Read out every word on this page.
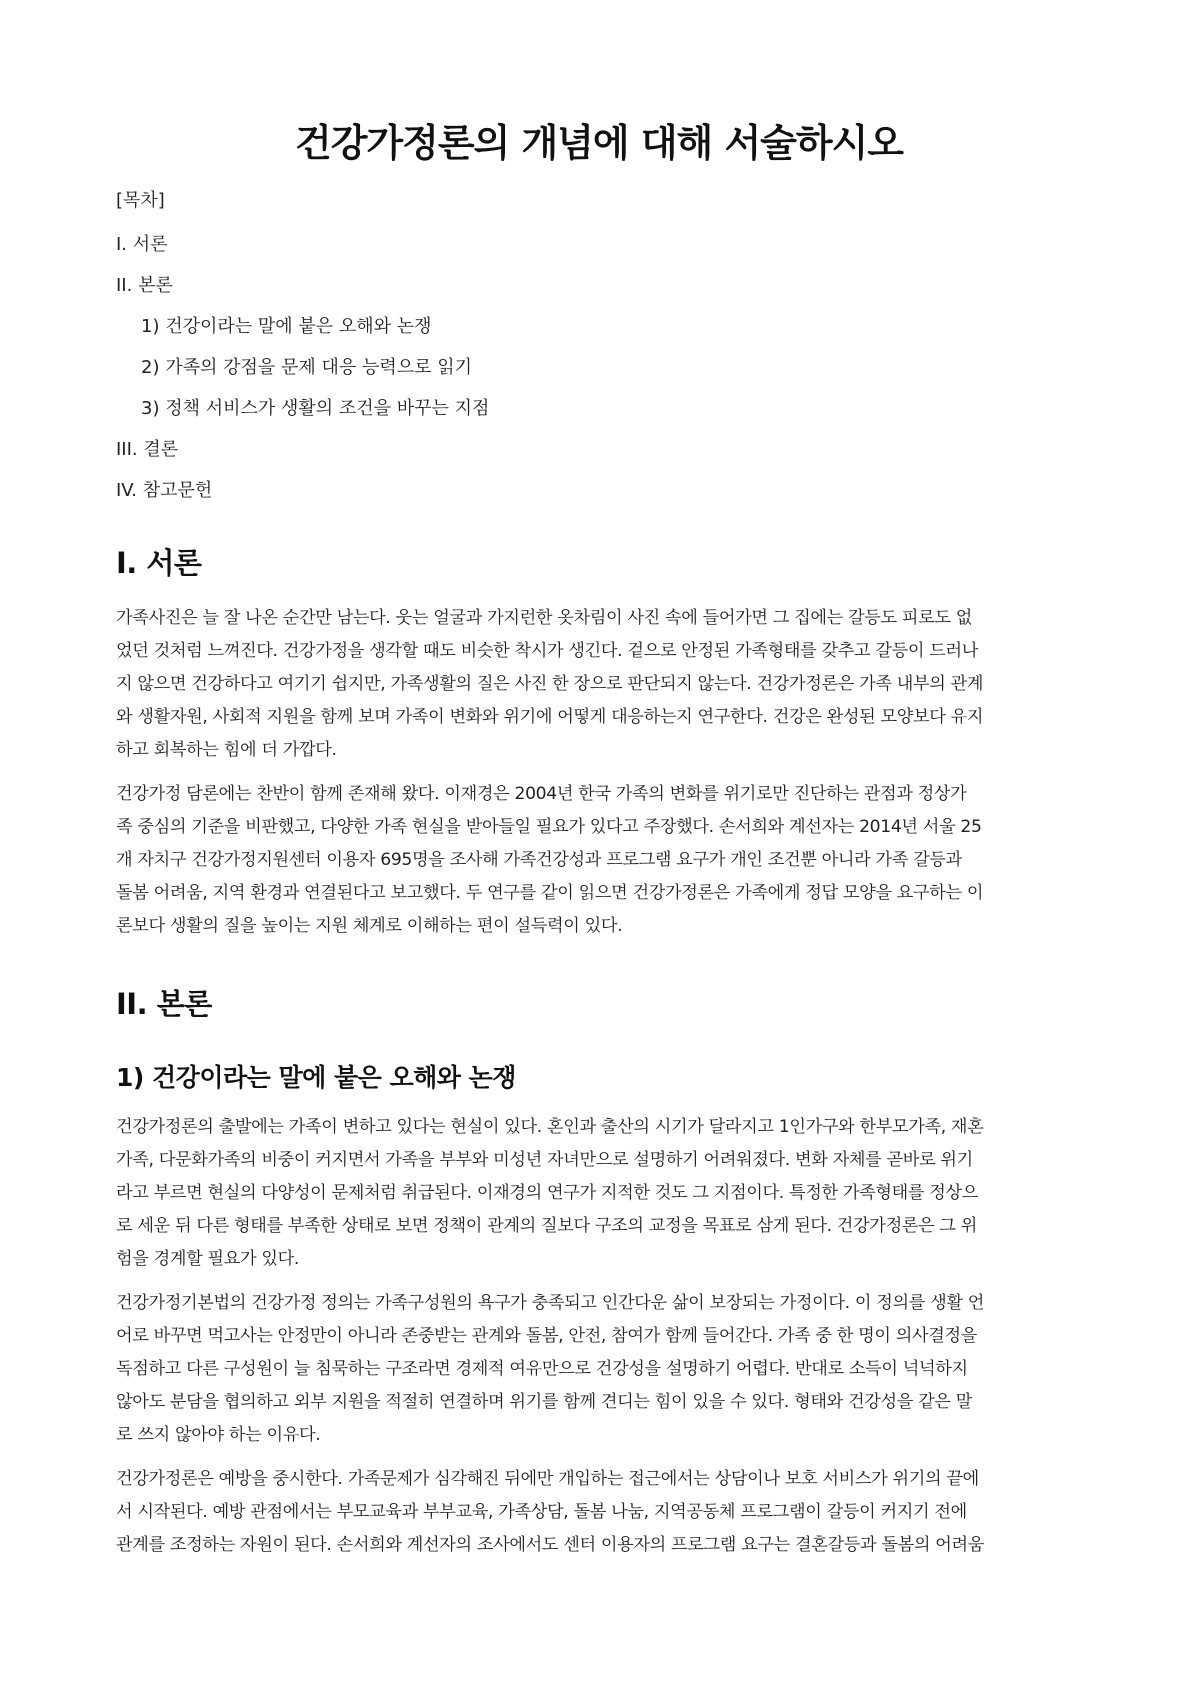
건강가정론의 개념에 대해 서술하시오
[목차]
I. 서론
II. 본론
1) 건강이라는 말에 붙은 오해와 논쟁
2) 가족의 강점을 문제 대응 능력으로 읽기
3) 정책 서비스가 생활의 조건을 바꾸는 지점
III. 결론
IV. 참고문헌
I. 서론

가족사진은 늘 잘 나온 순간만 남는다. 웃는 얼굴과 가지런한 옷차림이 사진 속에 들어가면 그 집에는 갈등도 피로도 없
었던 것처럼 느껴진다. 건강가정을 생각할 때도 비슷한 착시가 생긴다. 겉으로 안정된 가족형태를 갖추고 갈등이 드러나
지 않으면 건강하다고 여기기 쉽지만, 가족생활의 질은 사진 한 장으로 판단되지 않는다. 건강가정론은 가족 내부의 관계
와 생활자원, 사회적 지원을 함께 보며 가족이 변화와 위기에 어떻게 대응하는지 연구한다. 건강은 완성된 모양보다 유지
하고 회복하는 힘에 더 가깝다.

건강가정 담론에는 찬반이 함께 존재해 왔다. 이재경은 2004년 한국 가족의 변화를 위기로만 진단하는 관점과 정상가
족 중심의 기준을 비판했고, 다양한 가족 현실을 받아들일 필요가 있다고 주장했다. 손서희와 계선자는 2014년 서울 25
개 자치구 건강가정지원센터 이용자 695명을 조사해 가족건강성과 프로그램 요구가 개인 조건뿐 아니라 가족 갈등과
돌봄 어려움, 지역 환경과 연결된다고 보고했다. 두 연구를 같이 읽으면 건강가정론은 가족에게 정답 모양을 요구하는 이
론보다 생활의 질을 높이는 지원 체계로 이해하는 편이 설득력이 있다.

II. 본론
1) 건강이라는 말에 붙은 오해와 논쟁

건강가정론의 출발에는 가족이 변하고 있다는 현실이 있다. 혼인과 출산의 시기가 달라지고 1인가구와 한부모가족, 재혼
가족, 다문화가족의 비중이 커지면서 가족을 부부와 미성년 자녀만으로 설명하기 어려워졌다. 변화 자체를 곧바로 위기
라고 부르면 현실의 다양성이 문제처럼 취급된다. 이재경의 연구가 지적한 것도 그 지점이다. 특정한 가족형태를 정상으
로 세운 뒤 다른 형태를 부족한 상태로 보면 정책이 관계의 질보다 구조의 교정을 목표로 삼게 된다. 건강가정론은 그 위
험을 경계할 필요가 있다.

건강가정기본법의 건강가정 정의는 가족구성원의 욕구가 충족되고 인간다운 삶이 보장되는 가정이다. 이 정의를 생활 언
어로 바꾸면 먹고사는 안정만이 아니라 존중받는 관계와 돌봄, 안전, 참여가 함께 들어간다. 가족 중 한 명이 의사결정을
독점하고 다른 구성원이 늘 침묵하는 구조라면 경제적 여유만으로 건강성을 설명하기 어렵다. 반대로 소득이 넉넉하지
않아도 분담을 협의하고 외부 지원을 적절히 연결하며 위기를 함께 견디는 힘이 있을 수 있다. 형태와 건강성을 같은 말
로 쓰지 않아야 하는 이유다.

건강가정론은 예방을 중시한다. 가족문제가 심각해진 뒤에만 개입하는 접근에서는 상담이나 보호 서비스가 위기의 끝에
서 시작된다. 예방 관점에서는 부모교육과 부부교육, 가족상담, 돌봄 나눔, 지역공동체 프로그램이 갈등이 커지기 전에
관계를 조정하는 자원이 된다. 손서희와 계선자의 조사에서도 센터 이용자의 프로그램 요구는 결혼갈등과 돌봄의 어려움
